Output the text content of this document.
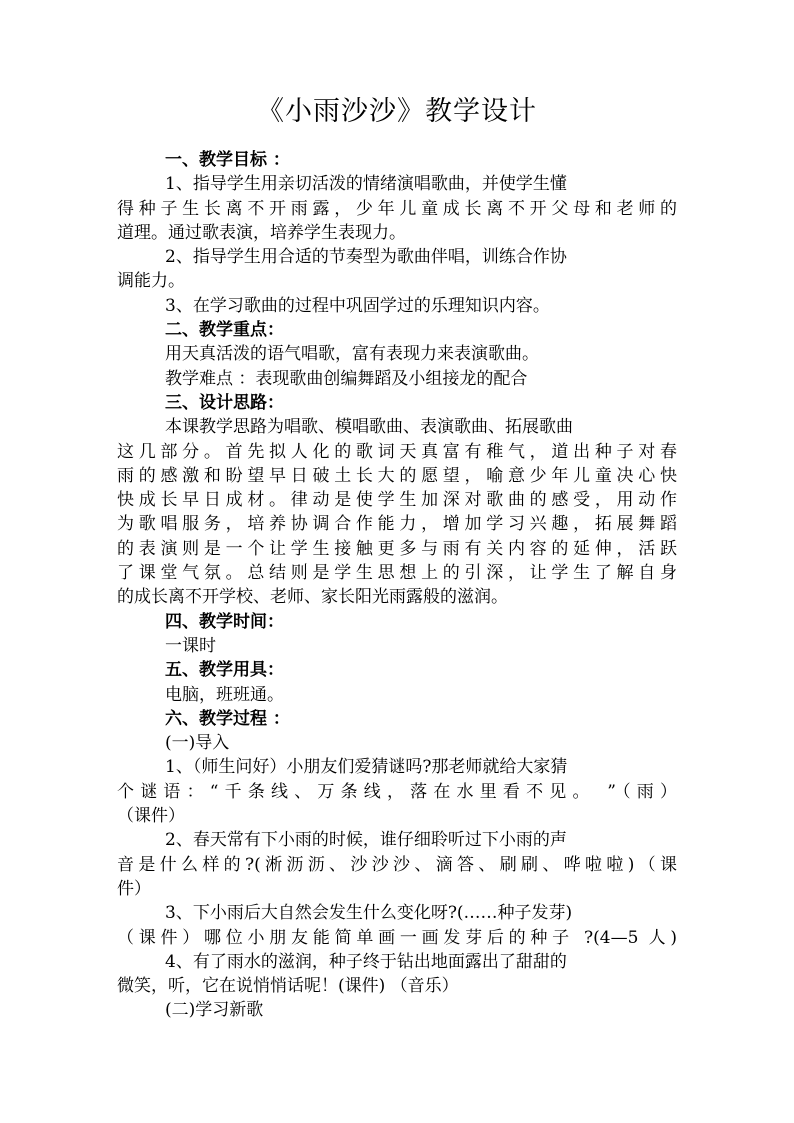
《小雨沙沙》教学设计

一、教学目标 ：

1、指导学生用亲切活泼的情绪演唱歌曲，并使学生懂

得种子生长离不开雨露，少年儿童成长离不开父母和老师的

道理。通过歌表演，培养学生表现力。

2、指导学生用合适的节奏型为歌曲伴唱，训练合作协

调能力。

3、在学习歌曲的过程中巩固学过的乐理知识内容。

二、教学重点：

用天真活泼的语气唱歌，富有表现力来表演歌曲。

教学难点 ：表现歌曲创编舞蹈及小组接龙的配合

三、设计思路：

本课教学思路为唱歌、模唱歌曲、表演歌曲、拓展歌曲

这几部分。首先拟人化的歌词天真富有稚气，道出种子对春

雨的感激和盼望早日破土长大的愿望，喻意少年儿童决心快

快成长早日成材。律动是使学生加深对歌曲的感受，用动作

为歌唱服务，培养协调合作能力，增加学习兴趣，拓展舞蹈

的表演则是一个让学生接触更多与雨有关内容的延伸，活跃

了课堂气氛。总结则是学生思想上的引深，让学生了解自身

的成长离不开学校、老师、家长阳光雨露般的滋润。

四、教学时间：

一课时

五、教学用具：

电脑，班班通。

六、教学过程 ：

(一)导入

1、（师生问好）小朋友们爱猜谜吗?那老师就给大家猜

个谜语：“千条线、万条线，落在水里看不见。 ”（雨）

（课件）

2、春天常有下小雨的时候，谁仔细聆听过下小雨的声

音是什么样的?(淅沥沥、沙沙沙、滴答、刷刷、哗啦啦)（课

件）

3、下小雨后大自然会发生什么变化呀?(……种子发芽)

（课件）哪位小朋友能简单画一画发芽后的种子 ?(4—5 人)

4、有了雨水的滋润，种子终于钻出地面露出了甜甜的

微笑，听，它在说悄悄话呢！(课件) （音乐）

(二)学习新歌
